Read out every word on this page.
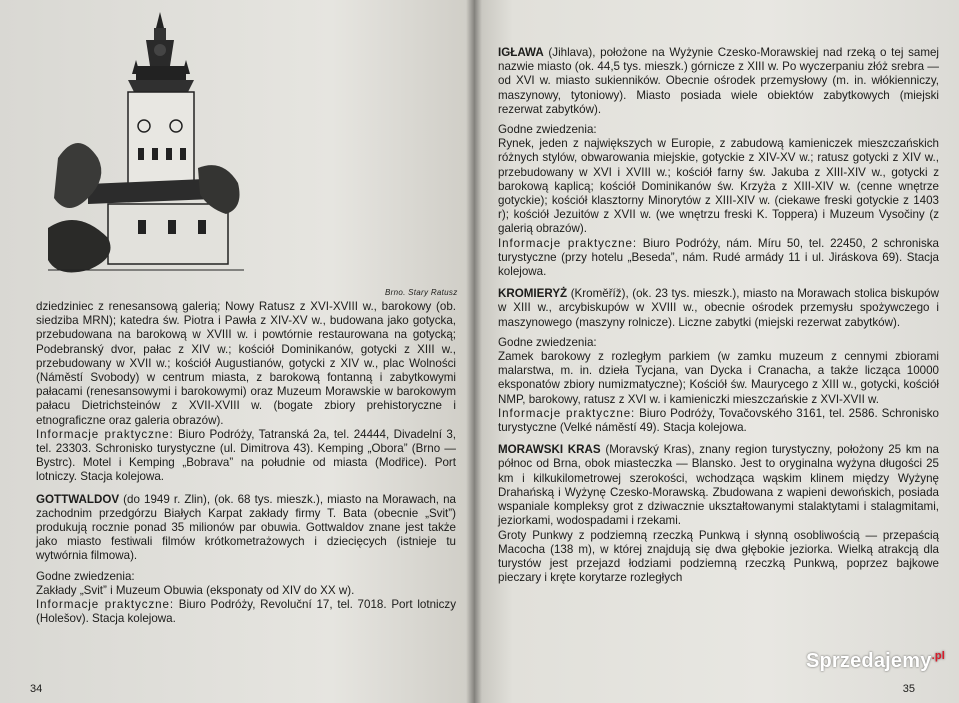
Brno. Stary Ratusz

dziedziniec z renesansową galerią; Nowy Ratusz z XVI-XVIII w., barokowy (ob. siedziba MRN); katedra św. Piotra i Pawła z XIV-XV w., budowana jako gotycka, przebudowana na barokową w XVIII w. i powtórnie restaurowana na gotycką; Podebranský dvor, pałac z XIV w.; kościół Dominikanów, gotycki z XIII w., przebudowany w XVII w.; kościół Augustianów, gotycki z XIV w., plac Wolności (Náměstí Svobody) w centrum miasta, z barokową fontanną i zabytkowymi pałacami (renesansowymi i barokowymi) oraz Muzeum Morawskie w barokowym pałacu Dietrichsteinów z XVII-XVIII w. (bogate zbiory prehistoryczne i etnograficzne oraz galeria obrazów).

Informacje praktyczne: Biuro Podróży, Tatranská 2a, tel. 24444, Divadelní 3, tel. 23303. Schronisko turystyczne (ul. Dimitrova 43). Kemping „Obora” (Brno — Bystrc). Motel i Kemping „Bobrava” na południe od miasta (Modřice). Port lotniczy. Stacja kolejowa.

GOTTWALDOV (do 1949 r. Zlin), (ok. 68 tys. mieszk.), miasto na Morawach, na zachodnim przedgórzu Białych Karpat zakłady firmy T. Bata (obecnie „Svit”) produkują rocznie ponad 35 milionów par obuwia. Gottwaldov znane jest także jako miasto festiwali filmów krótkometrażowych i dziecięcych (istnieje tu wytwórnia filmowa).

Godne zwiedzenia:

Zakłady „Svit” i Muzeum Obuwia (eksponaty od XIV do XX w).

Informacje praktyczne: Biuro Podróży, Revoluční 17, tel. 7018. Port lotniczy (Holešov). Stacja kolejowa.

34

IGŁAWA (Jihlava), położone na Wyżynie Czesko-Morawskiej nad rzeką o tej samej nazwie miasto (ok. 44,5 tys. mieszk.) górnicze z XIII w. Po wyczerpaniu złóż srebra — od XVI w. miasto sukienników. Obecnie ośrodek przemysłowy (m. in. włókienniczy, maszynowy, tytoniowy). Miasto posiada wiele obiektów zabytkowych (miejski rezerwat zabytków).

Godne zwiedzenia:

Rynek, jeden z największych w Europie, z zabudową kamieniczek mieszczańskich różnych stylów, obwarowania miejskie, gotyckie z XIV-XV w.; ratusz gotycki z XIV w., przebudowany w XVI i XVIII w.; kościół farny św. Jakuba z XIII-XIV w., gotycki z barokową kaplicą; kościół Dominikanów św. Krzyża z XIII-XIV w. (cenne wnętrze gotyckie); kościół klasztorny Minorytów z XIII-XIV w. (ciekawe freski gotyckie z 1403 r); kościół Jezuitów z XVII w. (we wnętrzu freski K. Toppera) i Muzeum Vysočiny (z galerią obrazów).

Informacje praktyczne: Biuro Podróży, nám. Míru 50, tel. 22450, 2 schroniska turystyczne (przy hotelu „Beseda”, nám. Rudé armády 11 i ul. Jiráskova 69). Stacja kolejowa.

KROMIERYŻ (Kroměříž), (ok. 23 tys. mieszk.), miasto na Morawach stolica biskupów w XIII w., arcybiskupów w XVIII w., obecnie ośrodek przemysłu spożywczego i maszynowego (maszyny rolnicze). Liczne zabytki (miejski rezerwat zabytków).

Godne zwiedzenia:

Zamek barokowy z rozległym parkiem (w zamku muzeum z cennymi zbiorami malarstwa, m. in. dzieła Tycjana, van Dycka i Cranacha, a także licząca 10000 eksponatów zbiory numizmatyczne); Kościół św. Maurycego z XIII w., gotycki, kościół NMP, barokowy, ratusz z XVI w. i kamieniczki mieszczańskie z XVI-XVII w.

Informacje praktyczne: Biuro Podróży, Tovačovského 3161, tel. 2586. Schronisko turystyczne (Velké náměstí 49). Stacja kolejowa.

MORAWSKI KRAS (Moravský Kras), znany region turystyczny, położony 25 km na północ od Brna, obok miasteczka — Blansko. Jest to oryginalna wyżyna długości 25 km i kilkukilometrowej szerokości, wchodząca wąskim klinem między Wyżynę Drahańską i Wyżynę Czesko-Morawską. Zbudowana z wapieni dewońskich, posiada wspaniale kompleksy grot z dziwacznie ukształtowanymi stalaktytami i stalagmitami, jeziorkami, wodospadami i rzekami.

Groty Punkwy z podziemną rzeczką Punkwą i słynną osobliwością — przepaścią Macocha (138 m), w której znajdują się dwa głębokie jeziorka. Wielką atrakcją dla turystów jest przejazd łodziami podziemną rzeczką Punkwą, poprzez bajkowe pieczary i kręte korytarze rozległych

Sprzedajemy$^{.pl}$
35
